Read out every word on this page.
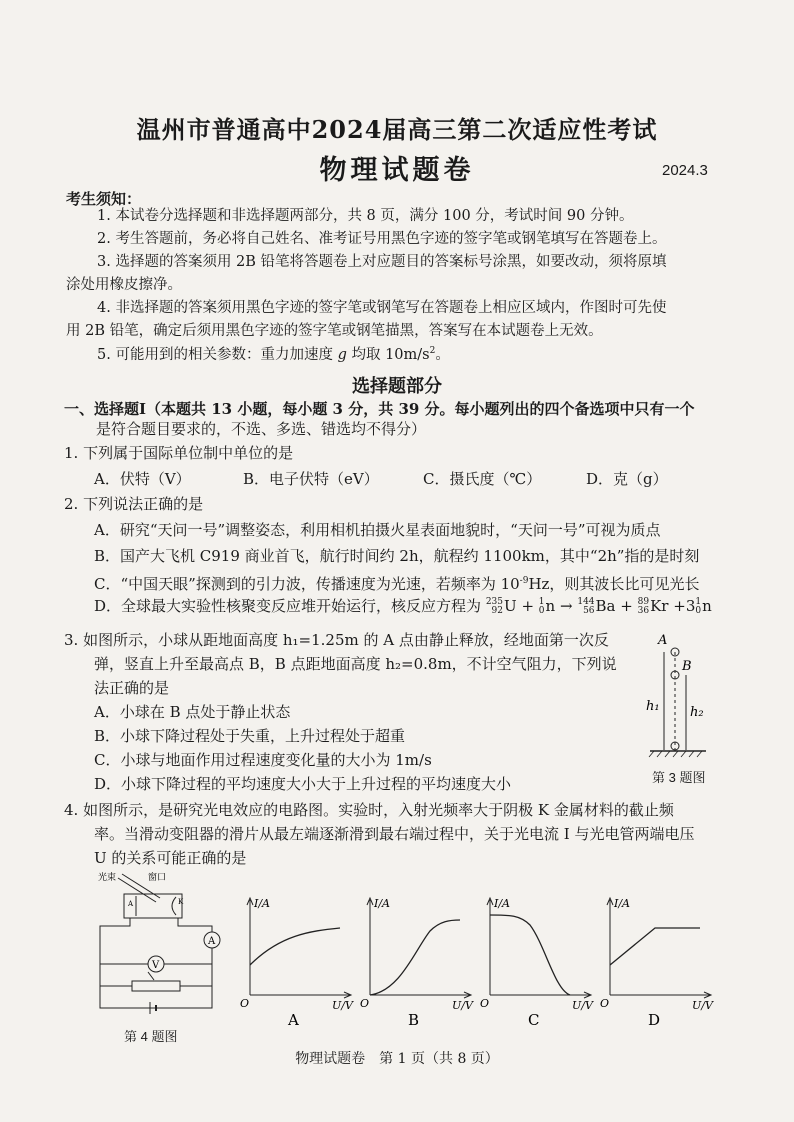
温州市普通高中2024届高三第二次适应性考试
物理试题卷	2024.3
考生须知：
1. 本试卷分选择题和非选择题两部分，共 8 页，满分 100 分，考试时间 90 分钟。
2. 考生答题前，务必将自己姓名、准考证号用黑色字迹的签字笔或钢笔填写在答题卷上。
3. 选择题的答案须用 2B 铅笔将答题卷上对应题目的答案标号涂黑，如要改动，须将原填
涂处用橡皮擦净。
4. 非选择题的答案须用黑色字迹的签字笔或钢笔写在答题卷上相应区域内，作图时可先使
用 2B 铅笔，确定后须用黑色字迹的签字笔或钢笔描黑，答案写在本试题卷上无效。
5. 可能用到的相关参数：重力加速度 g 均取 $10m/s^2$。
选择题部分
一、选择题Ⅰ（本题共 13 小题，每小题 3 分，共 39 分。每小题列出的四个备选项中只有一个
是符合题目要求的，不选、多选、错选均不得分）
1. 下列属于国际单位制中单位的是
A．伏特（V）	B．电子伏特（eV）	C．摄氏度（℃）	D．克（g）
2. 下列说法正确的是
A．研究“天问一号”调整姿态，利用相机拍摄火星表面地貌时，“天问一号”可视为质点
B．国产大飞机 C919 商业首飞，航行时间约 2h，航程约 1100km，其中“2h”指的是时刻
C．“中国天眼”探测到的引力波，传播速度为光速，若频率为 $10^{-9}Hz$，则其波长比可见光长
D．全球最大实验性核聚变反应堆开始运行，核反应方程为 235
92U + 1
0n → 144
56Ba + 89
36Kr +31
0n
3. 如图所示，小球从距地面高度 h₁=1.25m 的 A 点由静止释放，经地面第一次反
弹，竖直上升至最高点 B，B 点距地面高度 h₂=0.8m，不计空气阻力，下列说
法正确的是
A．小球在 B 点处于静止状态
B．小球下降过程处于失重，上升过程处于超重
C．小球与地面作用过程速度变化量的大小为 1m/s
D．小球下降过程的平均速度大小大于上升过程的平均速度大小
A
B
h₁ h₂
第 3 题图
4. 如图所示，是研究光电效应的电路图。实验时，入射光频率大于阴极 K 金属材料的截止频
率。当滑动变阻器的滑片从最左端逐渐滑到最右端过程中，关于光电流 I 与光电管两端电压
U 的关系可能正确的是
光束	窗口
A	K
A
V
第 4 题图
I/A
U/V
O
A
I/A
U/V
O
B
I/A
U/V
O
C
I/A
U/V
O
D
物理试题卷　第 1 页（共 8 页）
